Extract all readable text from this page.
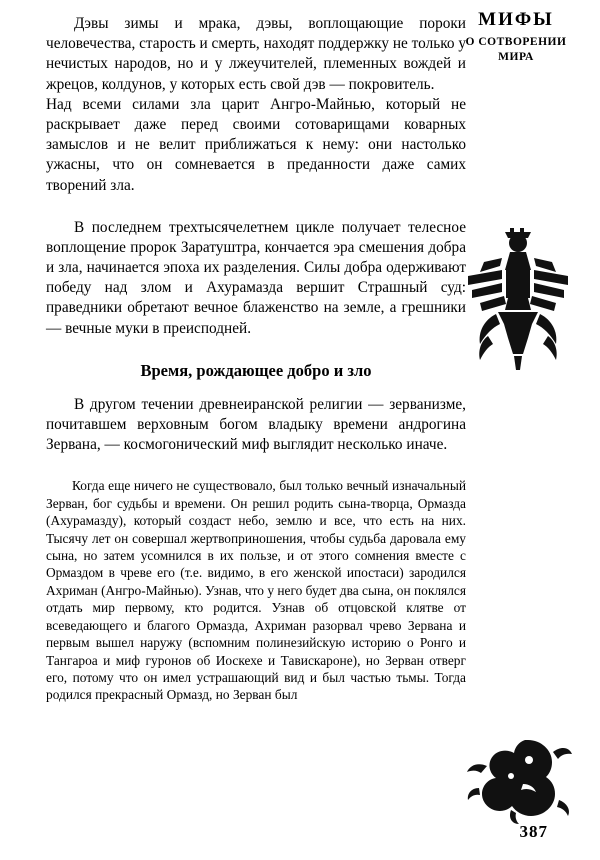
МИФЫ
О СОТВОРЕНИИ
МИРА

Дэвы зимы и мрака, дэвы, воплощающие пороки человечества, старость и смерть, находят поддержку не только у нечистых народов, но и у лжеучителей, племенных вождей и жрецов, колдунов, у которых есть свой дэв — покровитель.

Над всеми силами зла царит Ангро-Майнью, который не раскрывает даже перед своими сотоварищами коварных замыслов и не велит приближаться к нему: они настолько ужасны, что он сомневается в преданности даже самих творений зла.

В последнем трехтысячелетнем цикле получает телесное воплощение пророк Заратуштра, кончается эра смешения добра и зла, начинается эпоха их разделения. Силы добра одерживают победу над злом и Ахурамазда вершит Страшный суд: праведники обретают вечное блаженство на земле, а грешники — вечные муки в преисподней.

Время, рождающее добро и зло

В другом течении древнеиранской религии — зерванизме, почитавшем верховным богом владыку времени андрогина Зервана, — космогонический миф выглядит несколько иначе.

Когда еще ничего не существовало, был только вечный изначальный Зерван, бог судьбы и времени. Он решил родить сына-творца, Ормазда (Ахурамазду), который создаст небо, землю и все, что есть на них. Тысячу лет он совершал жертвоприношения, чтобы судьба даровала ему сына, но затем усомнился в их пользе, и от этого сомнения вместе с Ормаздом в чреве его (т.е. видимо, в его женской ипостаси) зародился Ахриман (Ангро-Майнью). Узнав, что у него будет два сына, он поклялся отдать мир первому, кто родится. Узнав об отцовской клятве от всеведающего и благого Ормазда, Ахриман разорвал чрево Зервана и первым вышел наружу (вспомним полинезийскую историю о Ронго и Тангароа и миф гуронов об Иоскехе и Тавискароне), но Зерван отверг его, потому что он имел устрашающий вид и был частью тьмы. Тогда родился прекрасный Ормазд, но Зерван был

387
